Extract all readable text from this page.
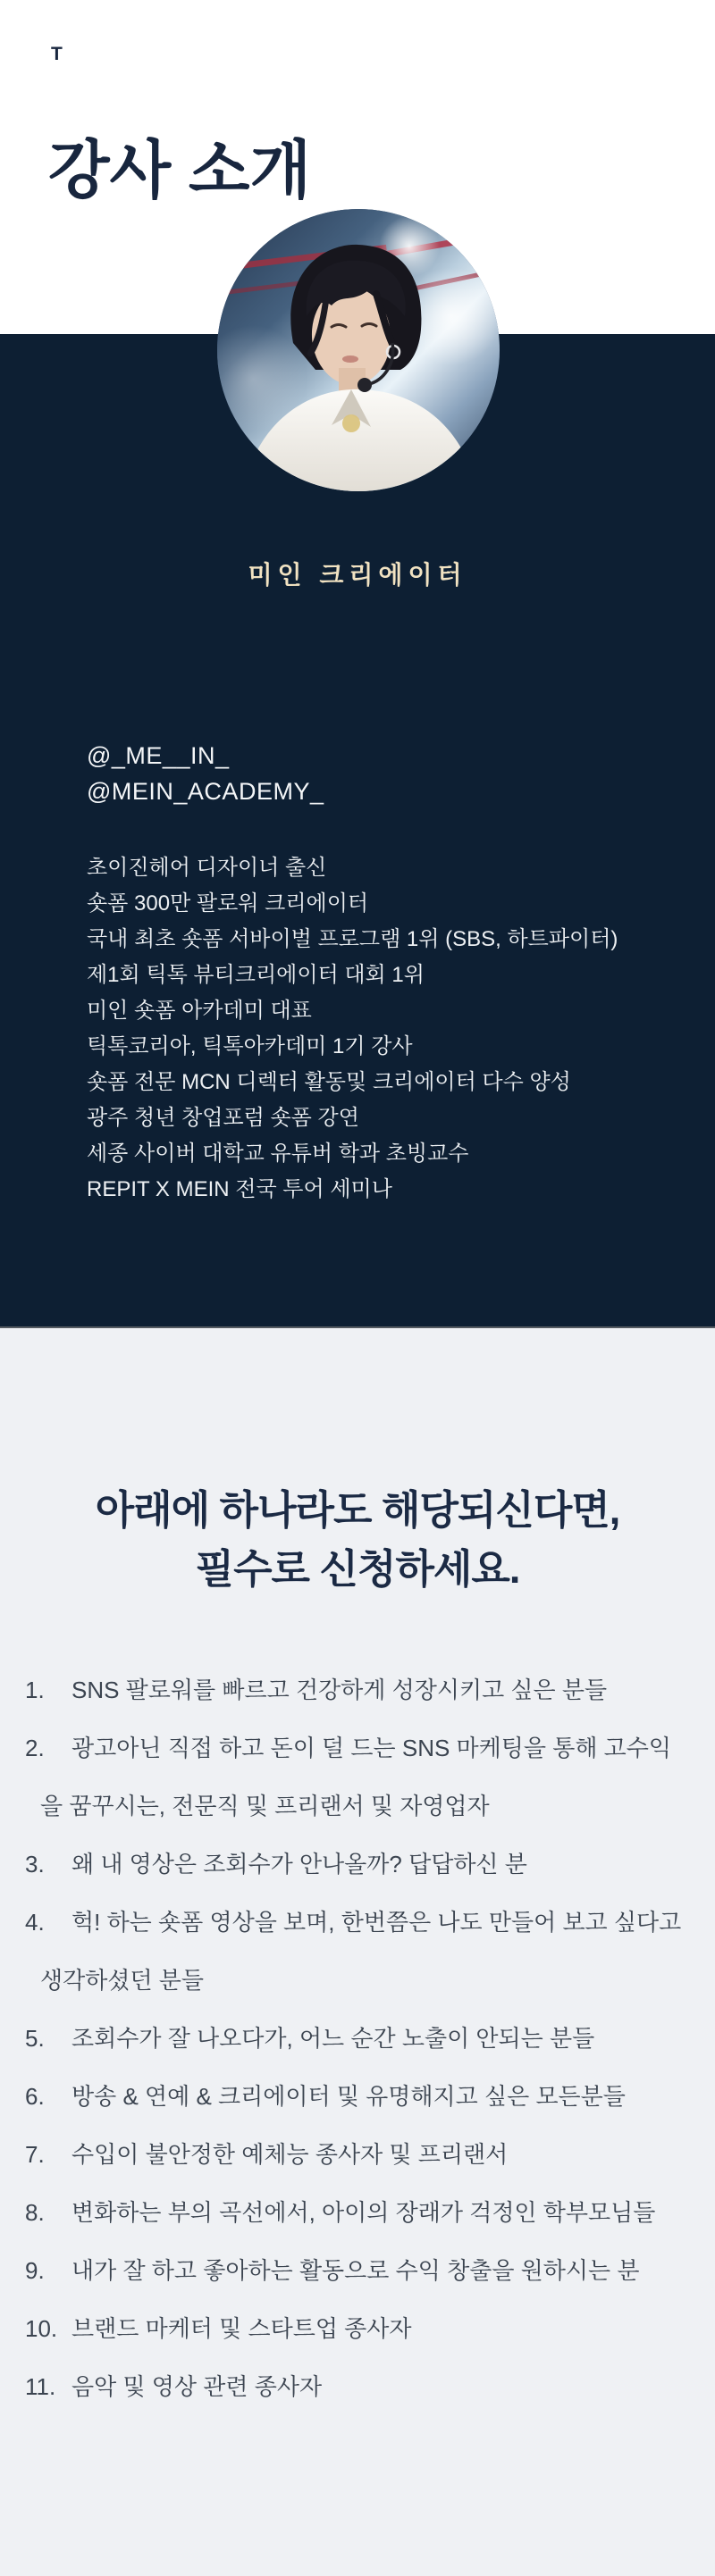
T
강사 소개
미인 크리에이터
@_ME__IN_
@MEIN_ACADEMY_
초이진헤어 디자이너 출신
숏폼 300만 팔로워 크리에이터
국내 최초 숏폼 서바이벌 프로그램 1위 (SBS, 하트파이터)
제1회 틱톡 뷰티크리에이터 대회 1위
미인 숏폼 아카데미 대표
틱톡코리아, 틱톡아카데미 1기 강사
숏폼 전문 MCN 디렉터 활동및 크리에이터 다수 양성
광주 청년 창업포럼 숏폼 강연
세종 사이버 대학교 유튜버 학과 초빙교수
REPIT X MEIN 전국 투어 세미나
아래에 하나라도 해당되신다면,
필수로 신청하세요.
1. SNS 팔로워를 빠르고 건강하게 성장시키고 싶은 분들
2. 광고아닌 직접 하고 돈이 덜 드는 SNS 마케팅을 통해 고수익을 꿈꾸시는, 전문직 및 프리랜서 및 자영업자
3. 왜 내 영상은 조회수가 안나올까? 답답하신 분
4. 헉! 하는 숏폼 영상을 보며, 한번쯤은 나도 만들어 보고 싶다고 생각하셨던 분들
5. 조회수가 잘 나오다가, 어느 순간 노출이 안되는 분들
6. 방송 & 연예 & 크리에이터 및 유명해지고 싶은 모든분들
7. 수입이 불안정한 예체능 종사자 및 프리랜서
8. 변화하는 부의 곡선에서, 아이의 장래가 걱정인 학부모님들
9. 내가 잘 하고 좋아하는 활동으로 수익 창출을 원하시는 분
10. 브랜드 마케터 및 스타트업 종사자
11. 음악 및 영상 관련 종사자
